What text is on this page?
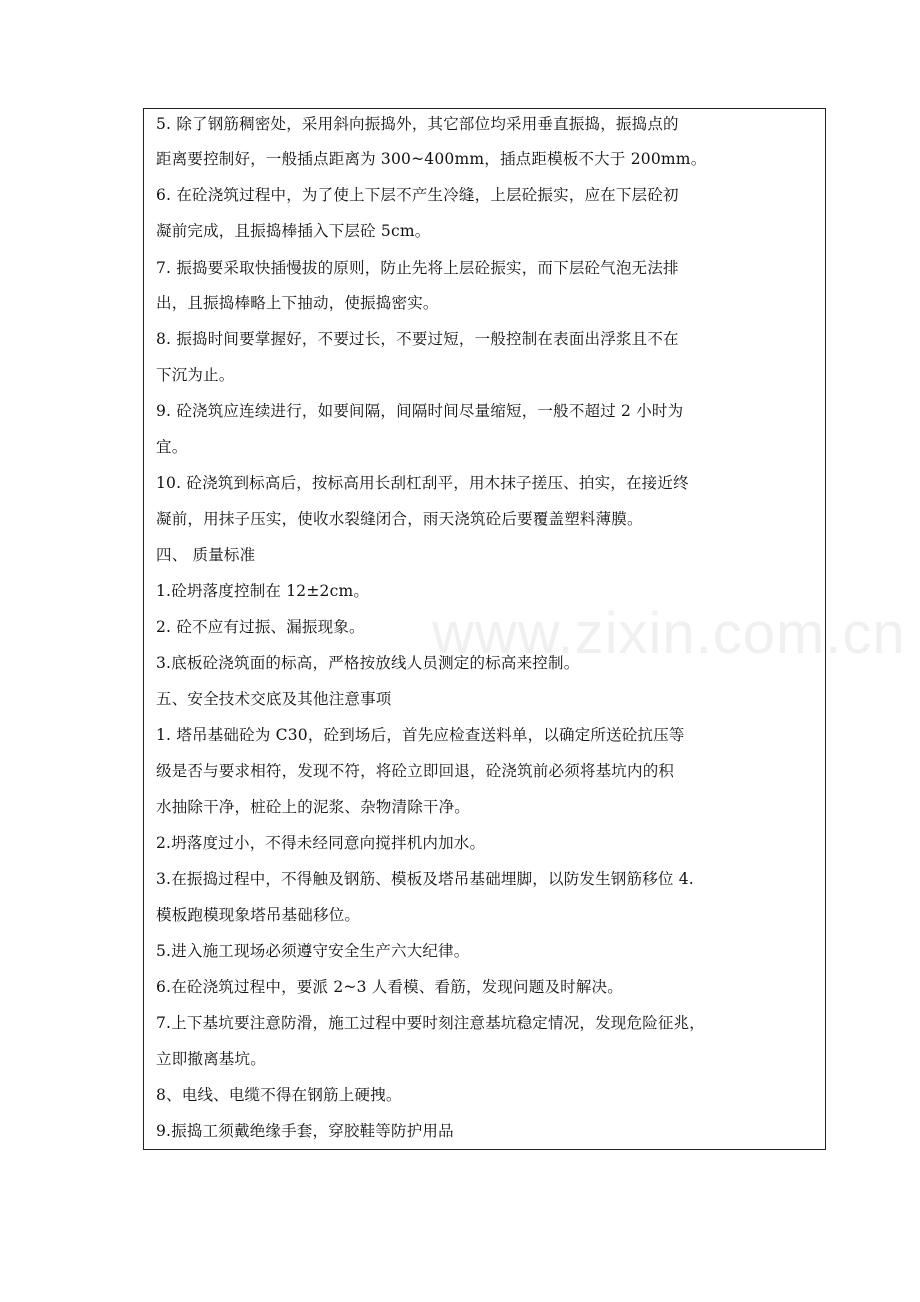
www.zixin.com.cn
5. 除了钢筋稠密处，采用斜向振捣外，其它部位均采用垂直振捣，振捣点的
距离要控制好，一般插点距离为 300~400mm，插点距模板不大于 200mm。
6. 在砼浇筑过程中，为了使上下层不产生冷缝，上层砼振实，应在下层砼初
凝前完成，且振捣棒插入下层砼 5cm。
7. 振捣要采取快插慢拔的原则，防止先将上层砼振实，而下层砼气泡无法排
出，且振捣棒略上下抽动，使振捣密实。
8. 振捣时间要掌握好，不要过长，不要过短，一般控制在表面出浮浆且不在
下沉为止。
9. 砼浇筑应连续进行，如要间隔，间隔时间尽量缩短，一般不超过 2 小时为
宜。
10. 砼浇筑到标高后，按标高用长刮杠刮平，用木抹子搓压、拍实，在接近终
凝前，用抹子压实，使收水裂缝闭合，雨天浇筑砼后要覆盖塑料薄膜。
四、 质量标准
1.砼坍落度控制在 12±2cm。
2. 砼不应有过振、漏振现象。
3.底板砼浇筑面的标高，严格按放线人员测定的标高来控制。
五、安全技术交底及其他注意事项
1. 塔吊基础砼为 C30，砼到场后，首先应检查送料单，以确定所送砼抗压等
级是否与要求相符，发现不符，将砼立即回退，砼浇筑前必须将基坑内的积
水抽除干净，桩砼上的泥浆、杂物清除干净。
2.坍落度过小，不得未经同意向搅拌机内加水。
3.在振捣过程中，不得触及钢筋、模板及塔吊基础埋脚，以防发生钢筋移位 4.
模板跑模现象塔吊基础移位。
5.进入施工现场必须遵守安全生产六大纪律。
6.在砼浇筑过程中，要派 2~3 人看模、看筋，发现问题及时解决。
7.上下基坑要注意防滑，施工过程中要时刻注意基坑稳定情况，发现危险征兆，
立即撤离基坑。
8、电线、电缆不得在钢筋上硬拽。
9.振捣工须戴绝缘手套，穿胶鞋等防护用品
